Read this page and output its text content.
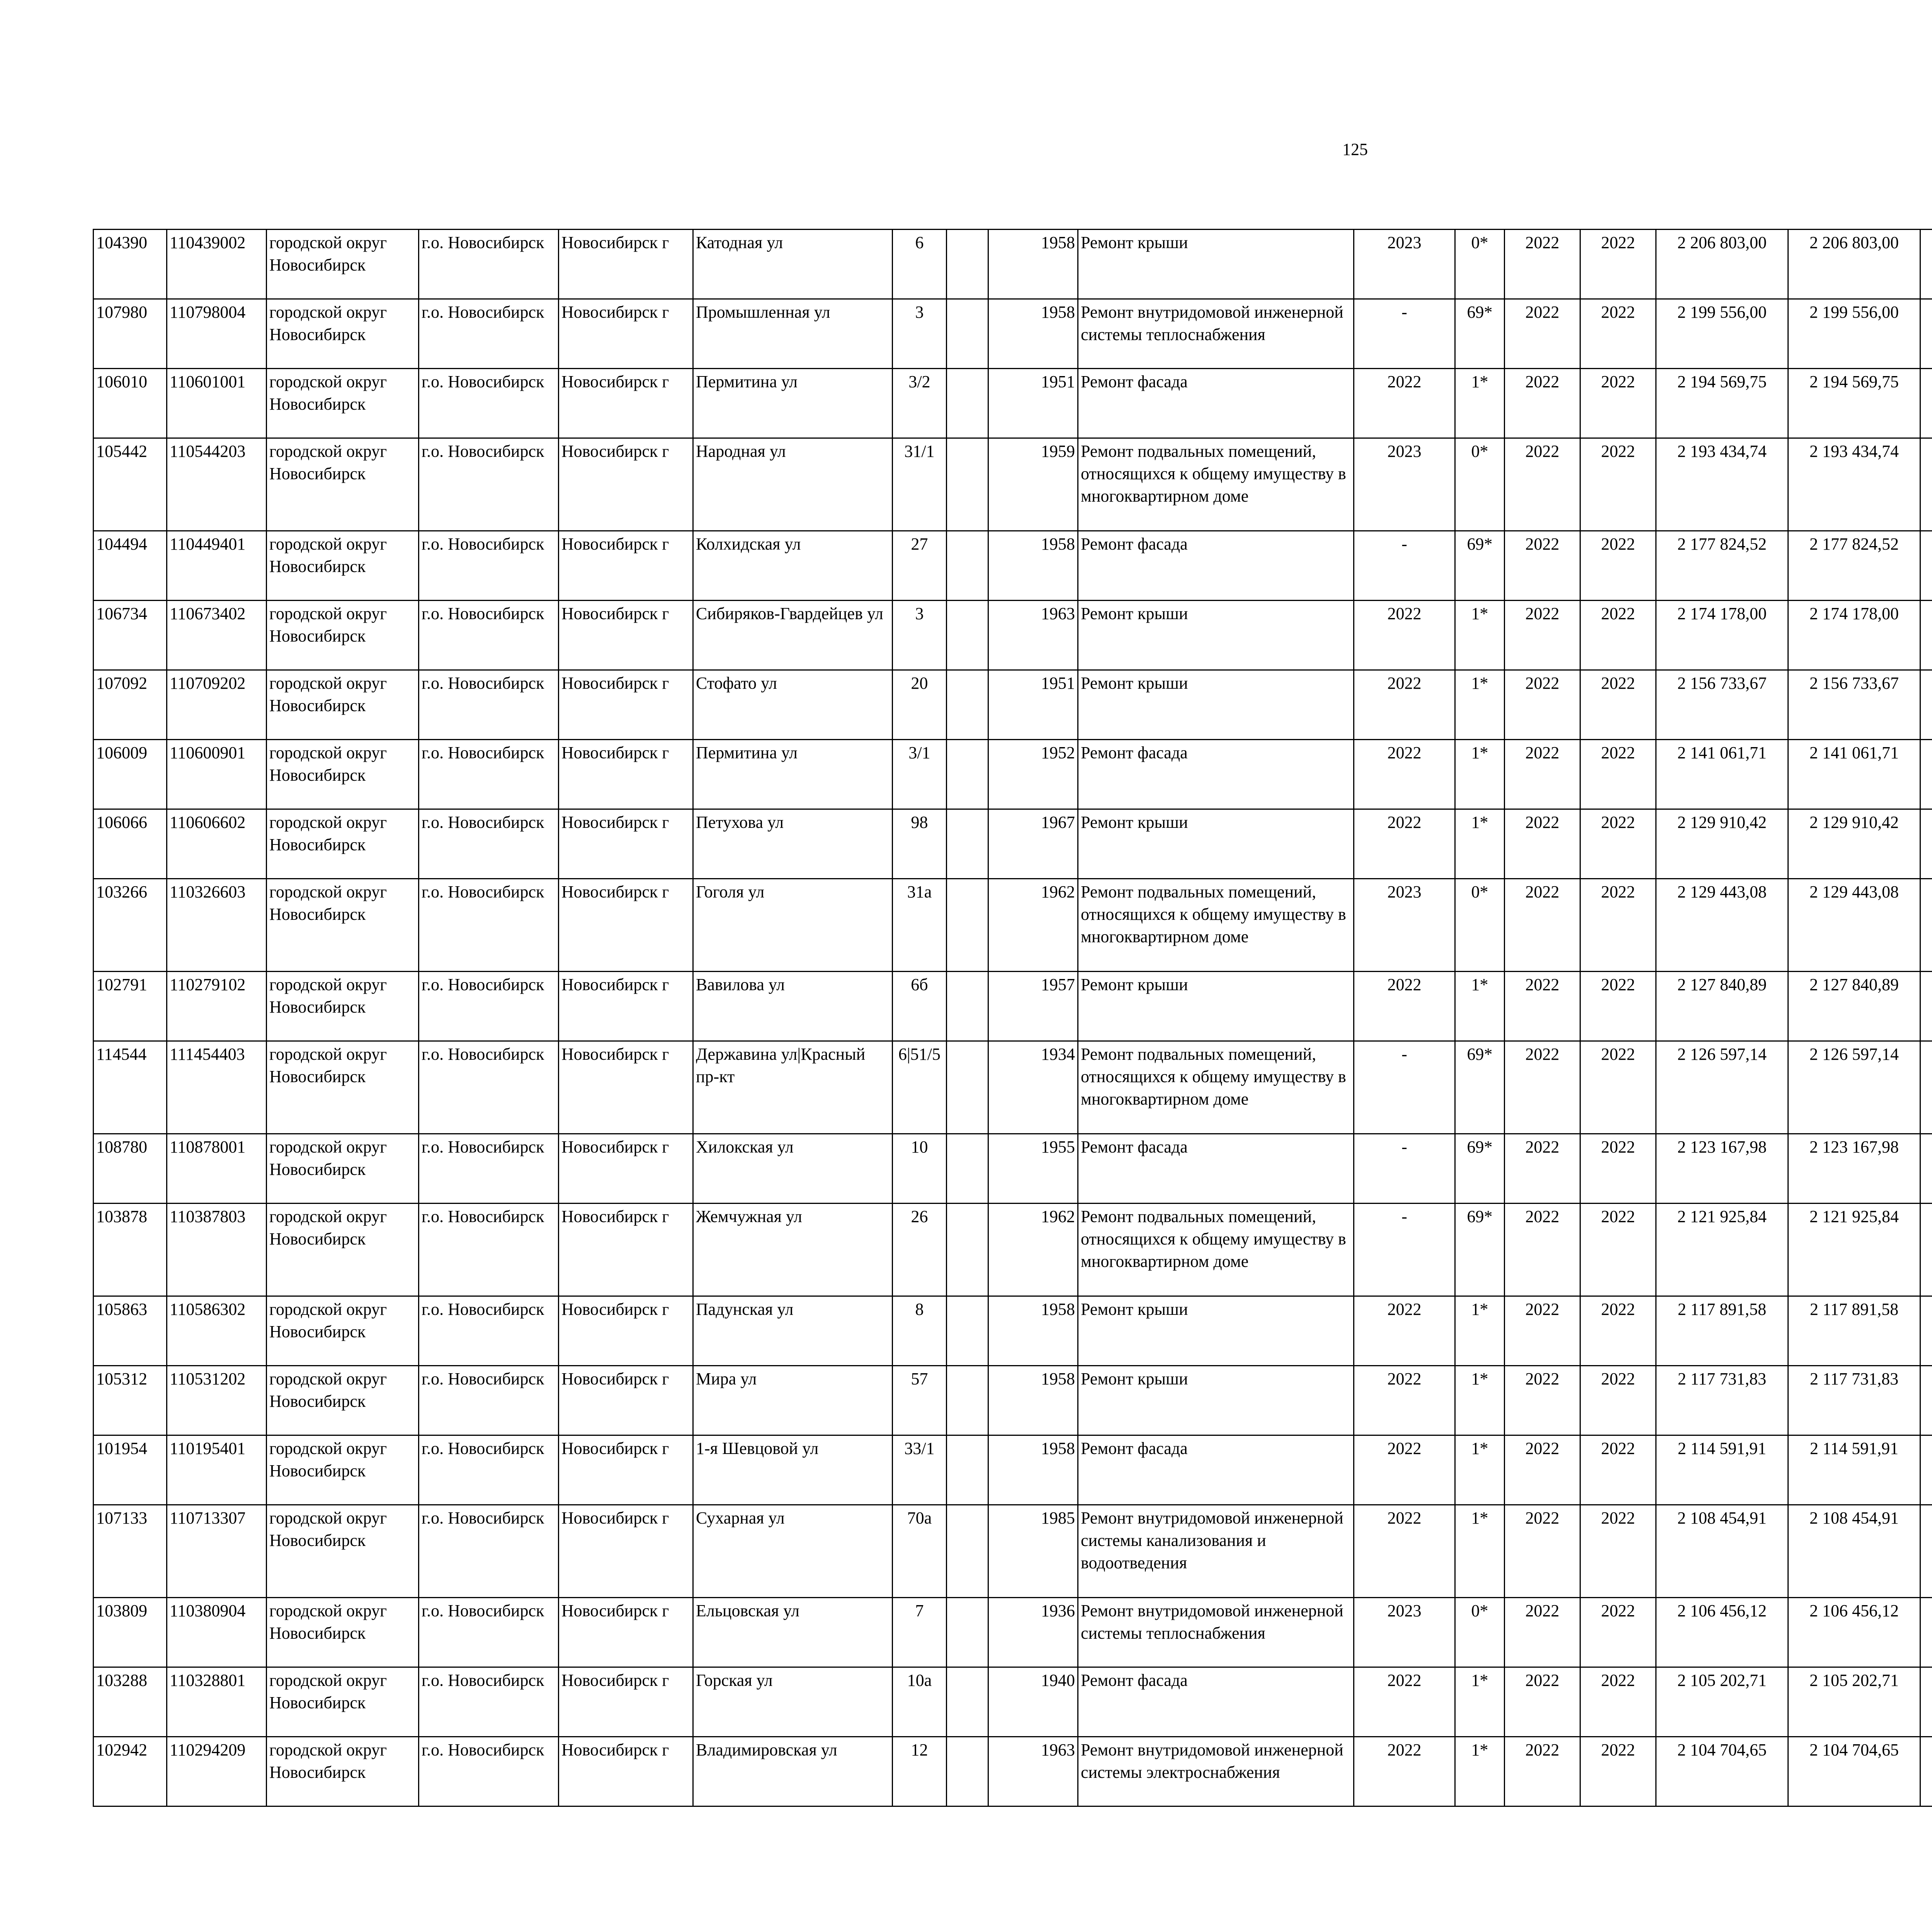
125
104390	110439002	городской округ Новосибирск	г.о. Новосибирск	Новосибирск г	Катодная ул	6		1958	Ремонт крыши	2023	0*	2022	2022	2 206 803,00	2 206 803,00						
107980	110798004	городской округ Новосибирск	г.о. Новосибирск	Новосибирск г	Промышленная ул	3		1958	Ремонт внутридомовой инженерной системы теплоснабжения	-	69*	2022	2022	2 199 556,00	2 199 556,00						
106010	110601001	городской округ Новосибирск	г.о. Новосибирск	Новосибирск г	Пермитина ул	3/2		1951	Ремонт фасада	2022	1*	2022	2022	2 194 569,75	2 194 569,75						
105442	110544203	городской округ Новосибирск	г.о. Новосибирск	Новосибирск г	Народная ул	31/1		1959	Ремонт подвальных помещений, относящихся к общему имуществу в многоквартирном доме	2023	0*	2022	2022	2 193 434,74	2 193 434,74						
104494	110449401	городской округ Новосибирск	г.о. Новосибирск	Новосибирск г	Колхидская ул	27		1958	Ремонт фасада	-	69*	2022	2022	2 177 824,52	2 177 824,52						
106734	110673402	городской округ Новосибирск	г.о. Новосибирск	Новосибирск г	Сибиряков-Гвардейцев ул	3		1963	Ремонт крыши	2022	1*	2022	2022	2 174 178,00	2 174 178,00						
107092	110709202	городской округ Новосибирск	г.о. Новосибирск	Новосибирск г	Стофато ул	20		1951	Ремонт крыши	2022	1*	2022	2022	2 156 733,67	2 156 733,67						
106009	110600901	городской округ Новосибирск	г.о. Новосибирск	Новосибирск г	Пермитина ул	3/1		1952	Ремонт фасада	2022	1*	2022	2022	2 141 061,71	2 141 061,71						
106066	110606602	городской округ Новосибирск	г.о. Новосибирск	Новосибирск г	Петухова ул	98		1967	Ремонт крыши	2022	1*	2022	2022	2 129 910,42	2 129 910,42						
103266	110326603	городской округ Новосибирск	г.о. Новосибирск	Новосибирск г	Гоголя ул	31а		1962	Ремонт подвальных помещений, относящихся к общему имуществу в многоквартирном доме	2023	0*	2022	2022	2 129 443,08	2 129 443,08						
102791	110279102	городской округ Новосибирск	г.о. Новосибирск	Новосибирск г	Вавилова ул	6б		1957	Ремонт крыши	2022	1*	2022	2022	2 127 840,89	2 127 840,89						
114544	111454403	городской округ Новосибирск	г.о. Новосибирск	Новосибирск г	Державина ул|Красный пр-кт	6|51/5		1934	Ремонт подвальных помещений, относящихся к общему имуществу в многоквартирном доме	-	69*	2022	2022	2 126 597,14	2 126 597,14						
108780	110878001	городской округ Новосибирск	г.о. Новосибирск	Новосибирск г	Хилокская ул	10		1955	Ремонт фасада	-	69*	2022	2022	2 123 167,98	2 123 167,98						
103878	110387803	городской округ Новосибирск	г.о. Новосибирск	Новосибирск г	Жемчужная ул	26		1962	Ремонт подвальных помещений, относящихся к общему имуществу в многоквартирном доме	-	69*	2022	2022	2 121 925,84	2 121 925,84						
105863	110586302	городской округ Новосибирск	г.о. Новосибирск	Новосибирск г	Падунская ул	8		1958	Ремонт крыши	2022	1*	2022	2022	2 117 891,58	2 117 891,58						
105312	110531202	городской округ Новосибирск	г.о. Новосибирск	Новосибирск г	Мира ул	57		1958	Ремонт крыши	2022	1*	2022	2022	2 117 731,83	2 117 731,83						
101954	110195401	городской округ Новосибирск	г.о. Новосибирск	Новосибирск г	1-я Шевцовой ул	33/1		1958	Ремонт фасада	2022	1*	2022	2022	2 114 591,91	2 114 591,91						
107133	110713307	городской округ Новосибирск	г.о. Новосибирск	Новосибирск г	Сухарная ул	70а		1985	Ремонт внутридомовой инженерной системы канализования и водоотведения	2022	1*	2022	2022	2 108 454,91	2 108 454,91						
103809	110380904	городской округ Новосибирск	г.о. Новосибирск	Новосибирск г	Ельцовская ул	7		1936	Ремонт внутридомовой инженерной системы теплоснабжения	2023	0*	2022	2022	2 106 456,12	2 106 456,12						
103288	110328801	городской округ Новосибирск	г.о. Новосибирск	Новосибирск г	Горская ул	10а		1940	Ремонт фасада	2022	1*	2022	2022	2 105 202,71	2 105 202,71						
102942	110294209	городской округ Новосибирск	г.о. Новосибирск	Новосибирск г	Владимировская ул	12		1963	Ремонт внутридомовой инженерной системы электроснабжения	2022	1*	2022	2022	2 104 704,65	2 104 704,65						
